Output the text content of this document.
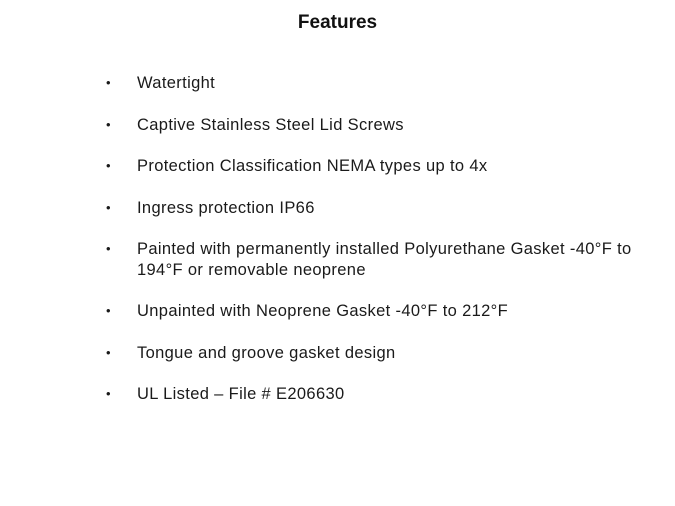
Features
• Watertight
• Captive Stainless Steel Lid Screws
• Protection Classification NEMA types up to 4x
• Ingress protection IP66
• Painted with permanently installed Polyurethane Gasket -40°F to 194°F or removable neoprene
• Unpainted with Neoprene Gasket -40°F to 212°F
• Tongue and groove gasket design
• UL Listed – File # E206630
